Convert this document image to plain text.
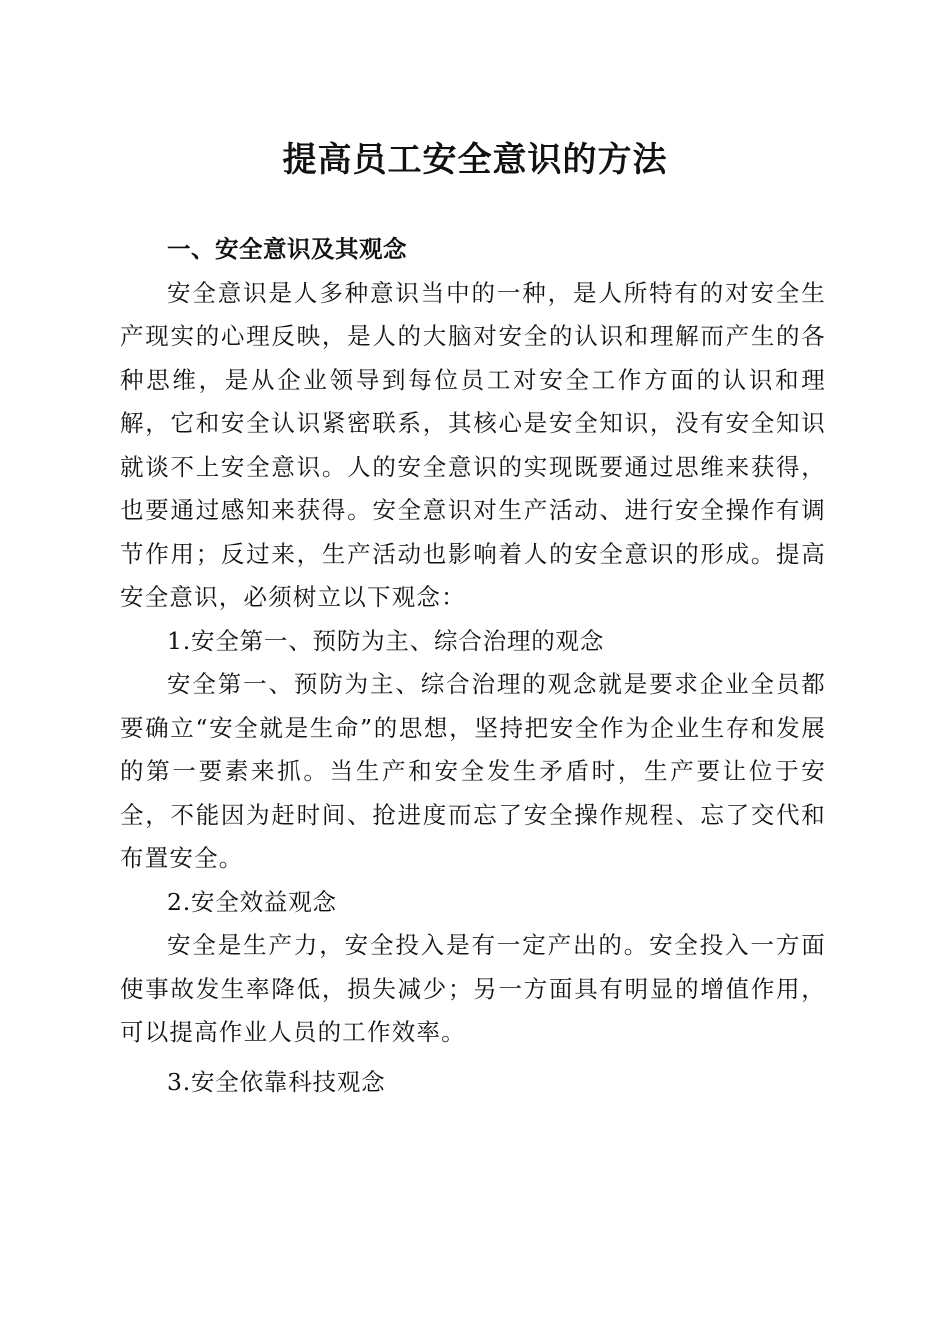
提高员工安全意识的方法

一、安全意识及其观念

安全意识是人多种意识当中的一种，是人所特有的对安全生产现实的心理反映，是人的大脑对安全的认识和理解而产生的各种思维，是从企业领导到每位员工对安全工作方面的认识和理解，它和安全认识紧密联系，其核心是安全知识，没有安全知识就谈不上安全意识。人的安全意识的实现既要通过思维来获得，也要通过感知来获得。安全意识对生产活动、进行安全操作有调节作用；反过来，生产活动也影响着人的安全意识的形成。提高安全意识，必须树立以下观念：

1.安全第一、预防为主、综合治理的观念

安全第一、预防为主、综合治理的观念就是要求企业全员都要确立“安全就是生命”的思想，坚持把安全作为企业生存和发展的第一要素来抓。当生产和安全发生矛盾时，生产要让位于安全，不能因为赶时间、抢进度而忘了安全操作规程、忘了交代和布置安全。

2.安全效益观念

安全是生产力，安全投入是有一定产出的。安全投入一方面使事故发生率降低，损失减少；另一方面具有明显的增值作用，可以提高作业人员的工作效率。

3.安全依靠科技观念
